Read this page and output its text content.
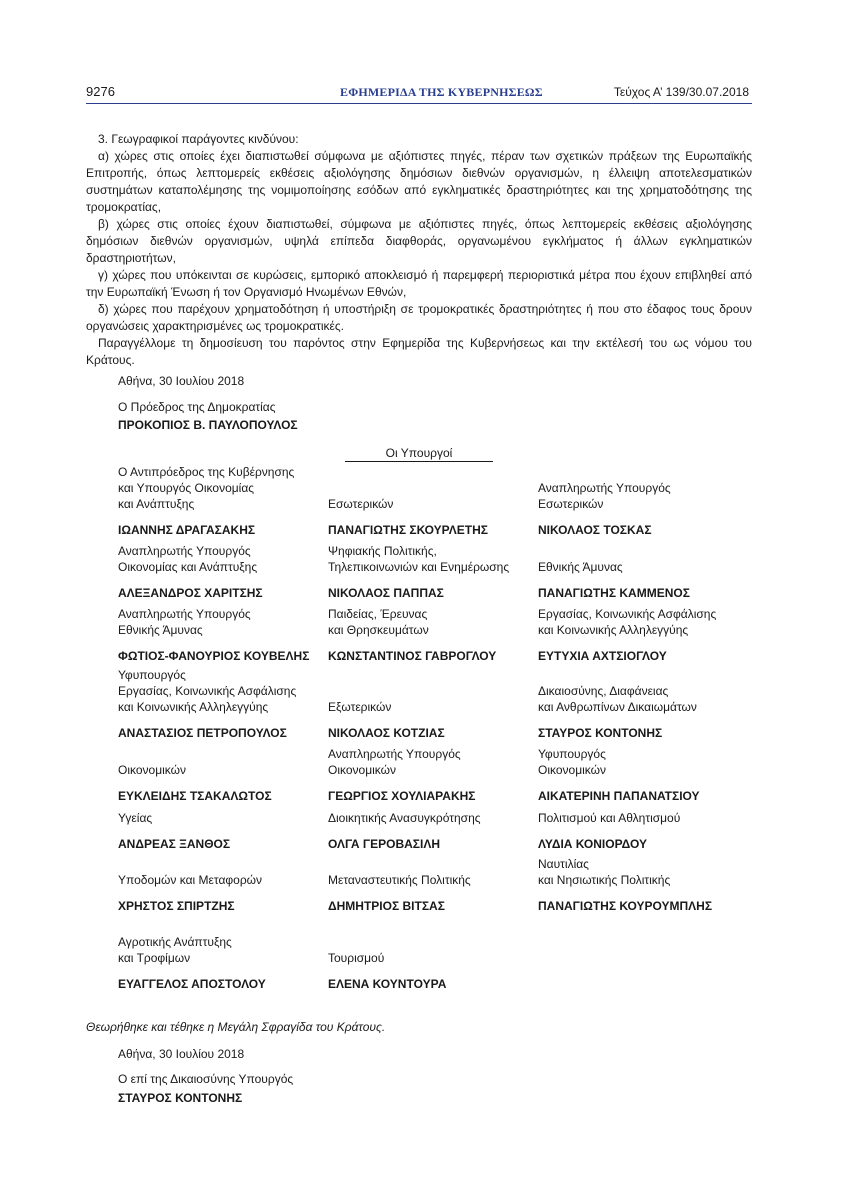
9276	ΕΦΗΜΕΡΙΔΑ ΤΗΣ ΚΥΒΕΡΝΗΣΕΩΣ	Τεύχος Α’ 139/30.07.2018

3. Γεωγραφικοί παράγοντες κινδύνου:

α) χώρες στις οποίες έχει διαπιστωθεί σύμφωνα με αξιόπιστες πηγές, πέραν των σχετικών πράξεων της Ευρωπαϊκής Επιτροπής, όπως λεπτομερείς εκθέσεις αξιολόγησης δημόσιων διεθνών οργανισμών, η έλλειψη αποτελεσματικών συστημάτων καταπολέμησης της νομιμοποίησης εσόδων από εγκληματικές δραστηριότητες και της χρηματοδότησης της τρομοκρατίας,

β) χώρες στις οποίες έχουν διαπιστωθεί, σύμφωνα με αξιόπιστες πηγές, όπως λεπτομερείς εκθέσεις αξιολόγησης δημόσιων διεθνών οργανισμών, υψηλά επίπεδα διαφθοράς, οργανωμένου εγκλήματος ή άλλων εγκληματικών δραστηριοτήτων,

γ) χώρες που υπόκεινται σε κυρώσεις, εμπορικό αποκλεισμό ή παρεμφερή περιοριστικά μέτρα που έχουν επιβληθεί από την Ευρωπαϊκή Ένωση ή τον Οργανισμό Ηνωμένων Εθνών,

δ) χώρες που παρέχουν χρηματοδότηση ή υποστήριξη σε τρομοκρατικές δραστηριότητες ή που στο έδαφος τους δρουν οργανώσεις χαρακτηρισμένες ως τρομοκρατικές.

Παραγγέλλομε τη δημοσίευση του παρόντος στην Εφημερίδα της Κυβερνήσεως και την εκτέλεσή του ως νόμου του Κράτους.

Αθήνα, 30 Ιουλίου 2018
Ο Πρόεδρος της Δημοκρατίας
ΠΡΟΚΟΠΙΟΣ Β. ΠΑΥΛΟΠΟΥΛΟΣ
Οι Υπουργοί
Ο Αντιπρόεδρος της Κυβέρνησης
και Υπουργός Οικονομίας
και Ανάπτυξης
ΙΩΑΝΝΗΣ ΔΡΑΓΑΣΑΚΗΣ
Εσωτερικών
ΠΑΝΑΓΙΩΤΗΣ ΣΚΟΥΡΛΕΤΗΣ
Αναπληρωτής Υπουργός
Εσωτερικών
ΝΙΚΟΛΑΟΣ ΤΟΣΚΑΣ
Αναπληρωτής Υπουργός
Οικονομίας και Ανάπτυξης
ΑΛΕΞΑΝΔΡΟΣ ΧΑΡΙΤΣΗΣ
Ψηφιακής Πολιτικής,
Τηλεπικοινωνιών και Ενημέρωσης
ΝΙΚΟΛΑΟΣ ΠΑΠΠΑΣ
Εθνικής Άμυνας
ΠΑΝΑΓΙΩΤΗΣ ΚΑΜΜΕΝΟΣ
Αναπληρωτής Υπουργός
Εθνικής Άμυνας
ΦΩΤΙΟΣ-ΦΑΝΟΥΡΙΟΣ ΚΟΥΒΕΛΗΣ
Παιδείας, Έρευνας
και Θρησκευμάτων
ΚΩΝΣΤΑΝΤΙΝΟΣ ΓΑΒΡΟΓΛΟΥ
Εργασίας, Κοινωνικής Ασφάλισης
και Κοινωνικής Αλληλεγγύης
ΕΥΤΥΧΙΑ ΑΧΤΣΙΟΓΛΟΥ
Υφυπουργός
Εργασίας, Κοινωνικής Ασφάλισης
και Κοινωνικής Αλληλεγγύης
ΑΝΑΣΤΑΣΙΟΣ ΠΕΤΡΟΠΟΥΛΟΣ
Εξωτερικών
ΝΙΚΟΛΑΟΣ ΚΟΤΖΙΑΣ
Δικαιοσύνης, Διαφάνειας
και Ανθρωπίνων Δικαιωμάτων
ΣΤΑΥΡΟΣ ΚΟΝΤΟΝΗΣ
Οικονομικών
ΕΥΚΛΕΙΔΗΣ ΤΣΑΚΑΛΩΤΟΣ
Αναπληρωτής Υπουργός
Οικονομικών
ΓΕΩΡΓΙΟΣ ΧΟΥΛΙΑΡΑΚΗΣ
Υφυπουργός
Οικονομικών
ΑΙΚΑΤΕΡΙΝΗ ΠΑΠΑΝΑΤΣΙΟΥ
Υγείας
ΑΝΔΡΕΑΣ ΞΑΝΘΟΣ
Διοικητικής Ανασυγκρότησης
ΟΛΓΑ ΓΕΡΟΒΑΣΙΛΗ
Πολιτισμού και Αθλητισμού
ΛΥΔΙΑ ΚΟΝΙΟΡΔΟΥ
Υποδομών και Μεταφορών
ΧΡΗΣΤΟΣ ΣΠΙΡΤΖΗΣ
Μεταναστευτικής Πολιτικής
ΔΗΜΗΤΡΙΟΣ ΒΙΤΣΑΣ
Ναυτιλίας
και Νησιωτικής Πολιτικής
ΠΑΝΑΓΙΩΤΗΣ ΚΟΥΡΟΥΜΠΛΗΣ
Αγροτικής Ανάπτυξης
και Τροφίμων
ΕΥΑΓΓΕΛΟΣ ΑΠΟΣΤΟΛΟΥ
Τουρισμού
ΕΛΕΝΑ ΚΟΥΝΤΟΥΡΑ
Θεωρήθηκε και τέθηκε η Μεγάλη Σφραγίδα του Κράτους.
Αθήνα, 30 Ιουλίου 2018
Ο επί της Δικαιοσύνης Υπουργός
ΣΤΑΥΡΟΣ ΚΟΝΤΟΝΗΣ
